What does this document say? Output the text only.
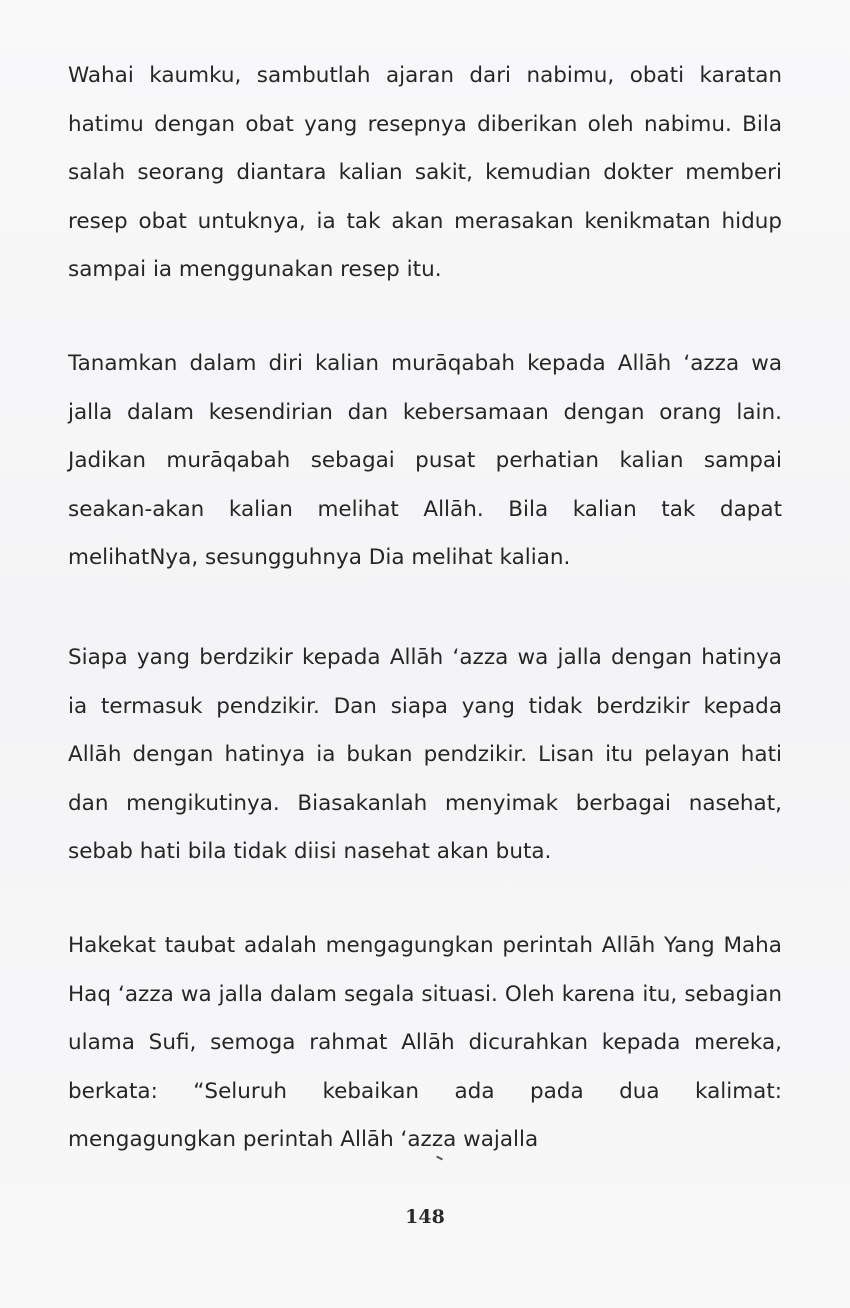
Wahai kaumku, sambutlah ajaran dari nabimu, obati karatan hatimu dengan obat yang resepnya diberikan oleh nabimu. Bila salah seorang diantara kalian sakit, kemudian dokter memberi resep obat untuknya, ia tak akan merasakan kenikmatan hidup sampai ia menggunakan resep itu.

Tanamkan dalam diri kalian murāqabah kepada Allāh ‘azza wa jalla dalam kesendirian dan kebersamaan dengan orang lain. Jadikan murāqabah sebagai pusat perhatian kalian sampai seakan-akan kalian melihat Allāh. Bila kalian tak dapat melihatNya, sesungguhnya Dia melihat kalian.

Siapa yang berdzikir kepada Allāh ‘azza wa jalla dengan hatinya ia termasuk pendzikir. Dan siapa yang tidak berdzikir kepada Allāh dengan hatinya ia bukan pendzikir. Lisan itu pelayan hati dan mengikutinya. Biasakanlah menyimak berbagai nasehat, sebab hati bila tidak diisi nasehat akan buta.

Hakekat taubat adalah mengagungkan perintah Allāh Yang Maha Haq ‘azza wa jalla dalam segala situasi. Oleh karena itu, sebagian ulama Sufi, semoga rahmat Allāh dicurahkan kepada mereka, berkata: “Seluruh kebaikan ada pada dua kalimat: mengagungkan perintah Allāh ‘azza wajalla

148
